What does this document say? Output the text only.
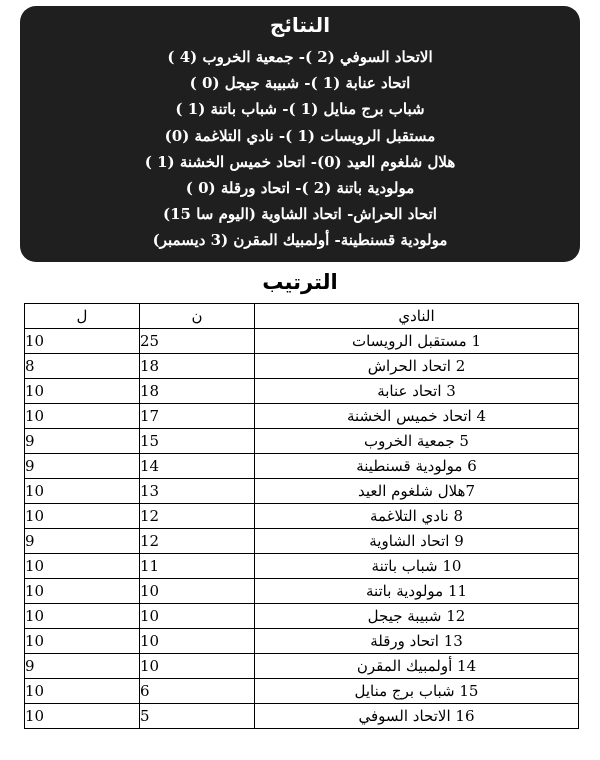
النتائج
الاتحاد السوفي (2 )- جمعية الخروب (4 )
اتحاد عنابة (1 )- شبيبة جيجل (0 )
شباب برج منايل (1 )- شباب باتنة (1 )
مستقبل الرويسات (1 )- نادي التلاغمة (0)
هلال شلغوم العيد (0)- اتحاد خميس الخشنة (1 )
مولودية باتنة (2 )- اتحاد ورقلة (0 )
اتحاد الحراش- اتحاد الشاوية (اليوم سا 15)
مولودية قسنطينة- أولمبيك المقرن (3 ديسمبر)
الترتيب
ل	ن	النادي
10	25	1 مستقبل الرويسات
8	18	2 اتحاد الحراش
10	18	3 اتحاد عنابة
10	17	4 اتحاد خميس الخشنة
9	15	5 جمعية الخروب
9	14	6 مولودية قسنطينة
10	13	7هلال شلغوم العيد
10	12	8 نادي التلاغمة
9	12	9 اتحاد الشاوية
10	11	10 شباب باتنة
10	10	11 مولودية باتنة
10	10	12 شبيبة جيجل
10	10	13 اتحاد ورقلة
9	10	14 أولمبيك المقرن
10	6	15 شباب برج منايل
10	5	16 الاتحاد السوفي
